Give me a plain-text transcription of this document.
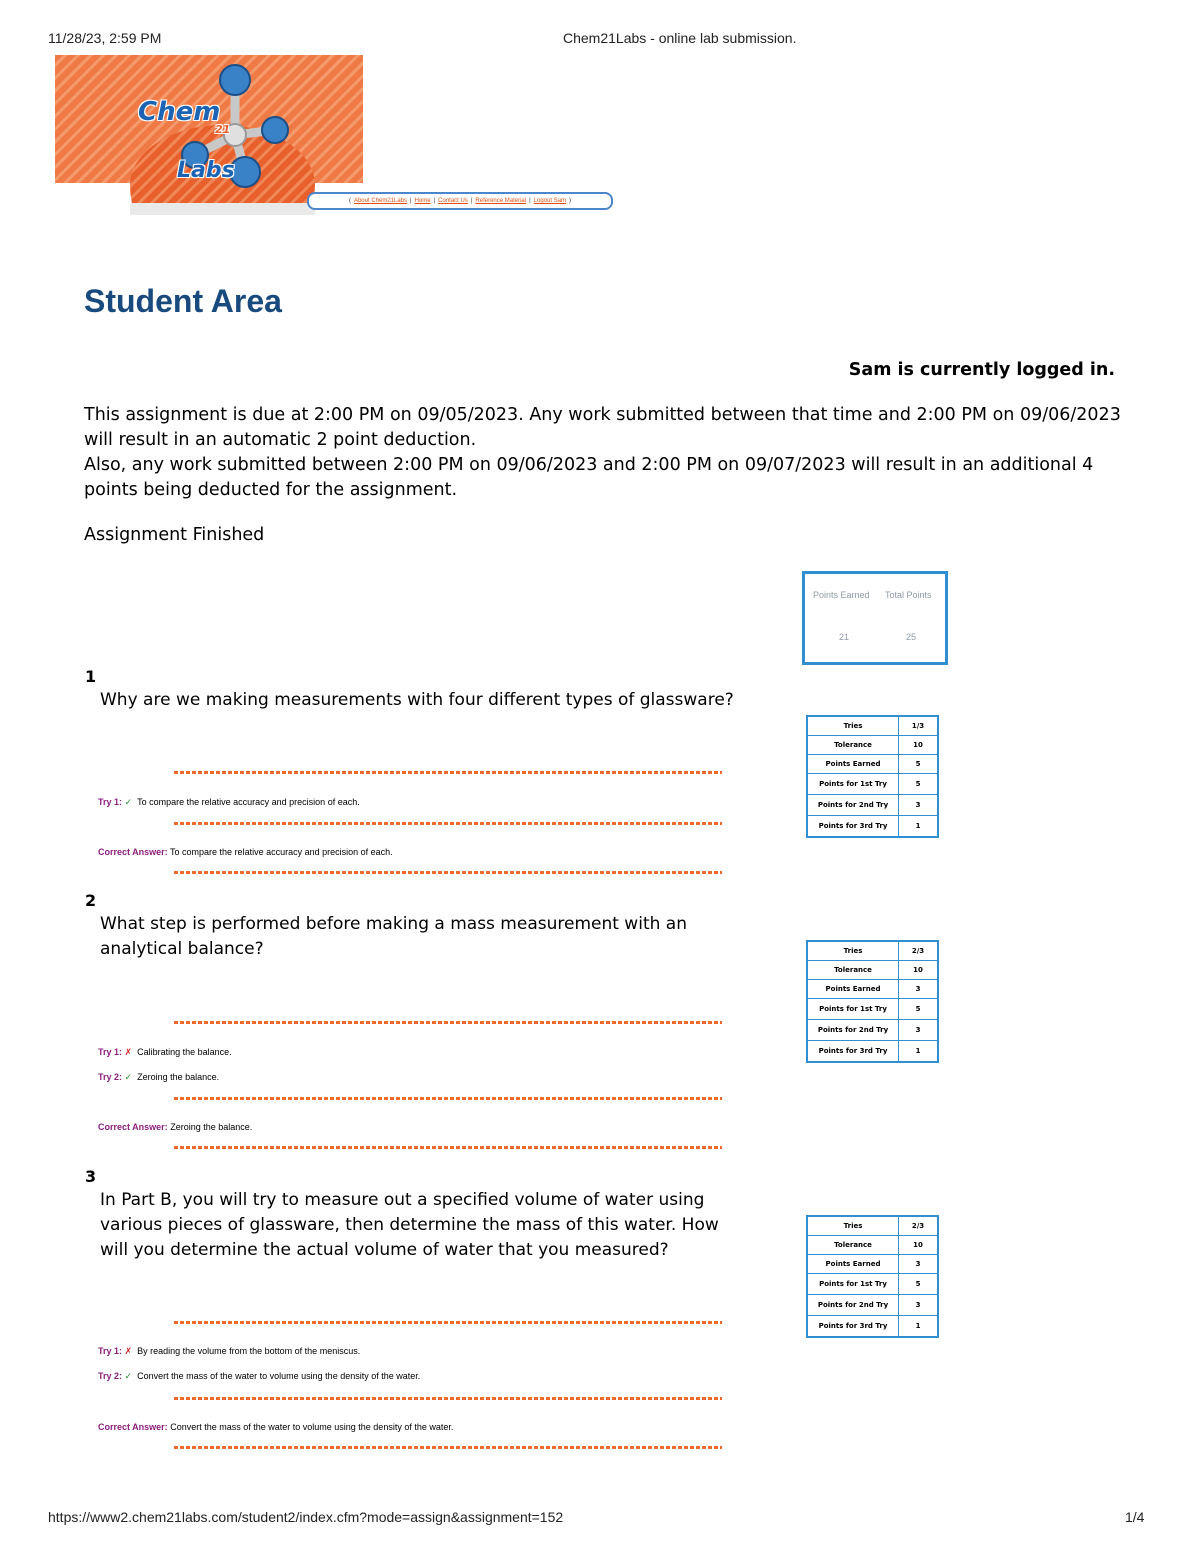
11/28/23, 2:59 PM	Chem21Labs - online lab submission.
Chem
21
Labs
( About Chem21Labs | Home | Contact Us | Reference Material | Logout Sam )
Student Area
Sam is currently logged in.
This assignment is due at 2:00 PM on 09/05/2023. Any work submitted between that time and 2:00 PM on 09/06/2023 will result in an automatic 2 point deduction.
Also, any work submitted between 2:00 PM on 09/06/2023 and 2:00 PM on 09/07/2023 will result in an additional 4 points being deducted for the assignment.
Assignment Finished
Points Earned Total Points
21	25
1
Why are we making measurements with four different types of glassware?
Try 1: ✓ To compare the relative accuracy and precision of each.
Correct Answer: To compare the relative accuracy and precision of each.
Tries	1/3
Tolerance	10
Points Earned	5
Points for 1st Try	5
Points for 2nd Try	3
Points for 3rd Try	1
2
What step is performed before making a mass measurement with an analytical balance?
Try 1: ✗ Calibrating the balance.
Try 2: ✓ Zeroing the balance.
Correct Answer: Zeroing the balance.
Tries	2/3
Tolerance	10
Points Earned	3
Points for 1st Try	5
Points for 2nd Try	3
Points for 3rd Try	1
3
In Part B, you will try to measure out a specified volume of water using various pieces of glassware, then determine the mass of this water. How will you determine the actual volume of water that you measured?
Try 1: ✗ By reading the volume from the bottom of the meniscus.
Try 2: ✓ Convert the mass of the water to volume using the density of the water.
Correct Answer: Convert the mass of the water to volume using the density of the water.
Tries	2/3
Tolerance	10
Points Earned	3
Points for 1st Try	5
Points for 2nd Try	3
Points for 3rd Try	1
https://www2.chem21labs.com/student2/index.cfm?mode=assign&assignment=152	1/4
